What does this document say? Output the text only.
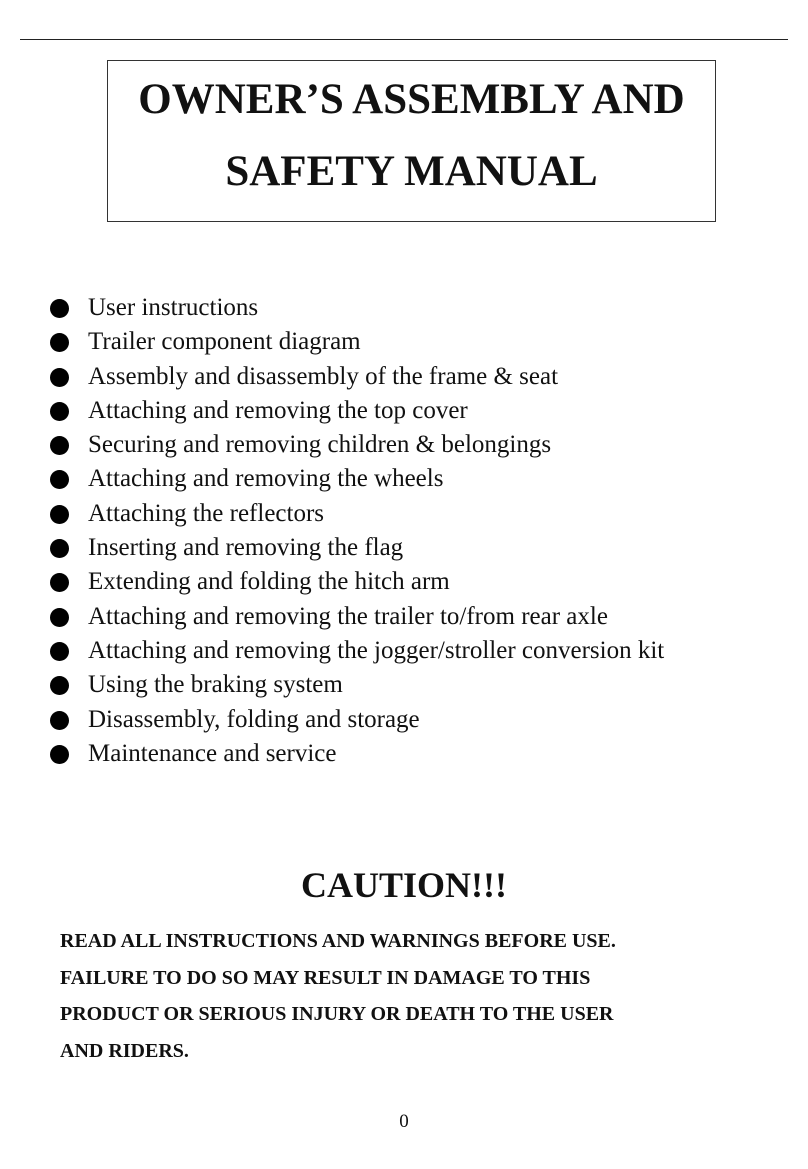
OWNER’S ASSEMBLY AND
SAFETY MANUAL
User instructions
Trailer component diagram
Assembly and disassembly of the frame & seat
Attaching and removing the top cover
Securing and removing children & belongings
Attaching and removing the wheels
Attaching the reflectors
Inserting and removing the flag
Extending and folding the hitch arm
Attaching and removing the trailer to/from rear axle
Attaching and removing the jogger/stroller conversion kit
Using the braking system
Disassembly, folding and storage
Maintenance and service
CAUTION!!!
READ ALL INSTRUCTIONS AND WARNINGS BEFORE USE.
FAILURE TO DO SO MAY RESULT IN DAMAGE TO THIS
PRODUCT OR SERIOUS INJURY OR DEATH TO THE USER
AND RIDERS.
0
